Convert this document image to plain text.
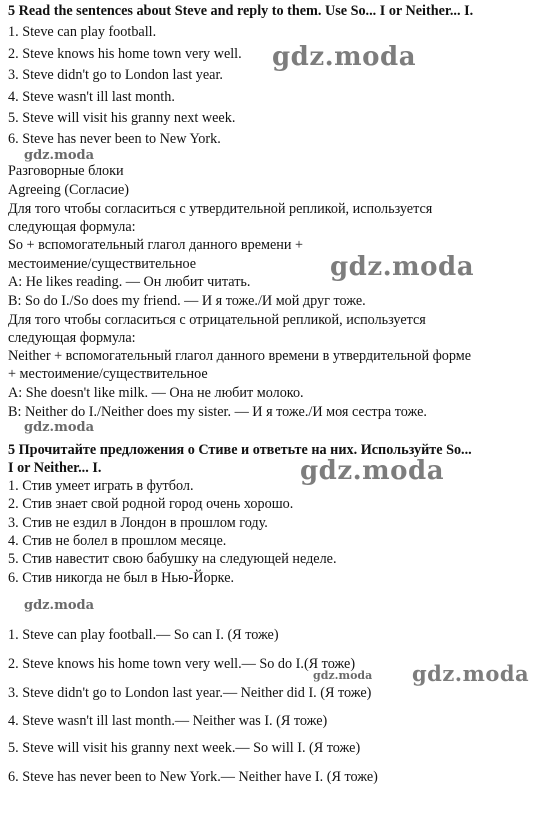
5 Read the sentences about Steve and reply to them. Use So... I or Neither... I.
1. Steve can play football.
2. Steve knows his home town very well.
3. Steve didn't go to London last year.
4. Steve wasn't ill last month.
5. Steve will visit his granny next week.
6. Steve has never been to New York.
Разговорные блоки
Agreeing (Согласие)
Для того чтобы согласиться с утвердительной репликой, используется
следующая формула:
So + вспомогательный глагол данного времени +
местоимение/существительное
A: He likes reading. — Он любит читать.
B: So do I./So does my friend. — И я тоже./И мой друг тоже.
Для того чтобы согласиться с отрицательной репликой, используется
следующая формула:
Neither + вспомогательный глагол данного времени в утвердительной форме
+ местоимение/существительное
A: She doesn't like milk. — Она не любит молоко.
B: Neither do I./Neither does my sister. — И я тоже./И моя сестра тоже.
5 Прочитайте предложения о Стиве и ответьте на них. Используйте So...
I or Neither... I.
1. Стив умеет играть в футбол.
2. Стив знает свой родной город очень хорошо.
3. Стив не ездил в Лондон в прошлом году.
4. Стив не болел в прошлом месяце.
5. Стив навестит свою бабушку на следующей неделе.
6. Стив никогда не был в Нью-Йорке.
1. Steve can play football.— So can I. (Я тоже)
2. Steve knows his home town very well.— So do I.(Я тоже)
3. Steve didn't go to London last year.— Neither did I. (Я тоже)
4. Steve wasn't ill last month.— Neither was I. (Я тоже)
5. Steve will visit his granny next week.— So will I. (Я тоже)
6. Steve has never been to New York.— Neither have I. (Я тоже)
gdz.moda
gdz.moda
gdz.moda
gdz.moda
gdz.moda
gdz.moda
gdz.moda gdz.moda
